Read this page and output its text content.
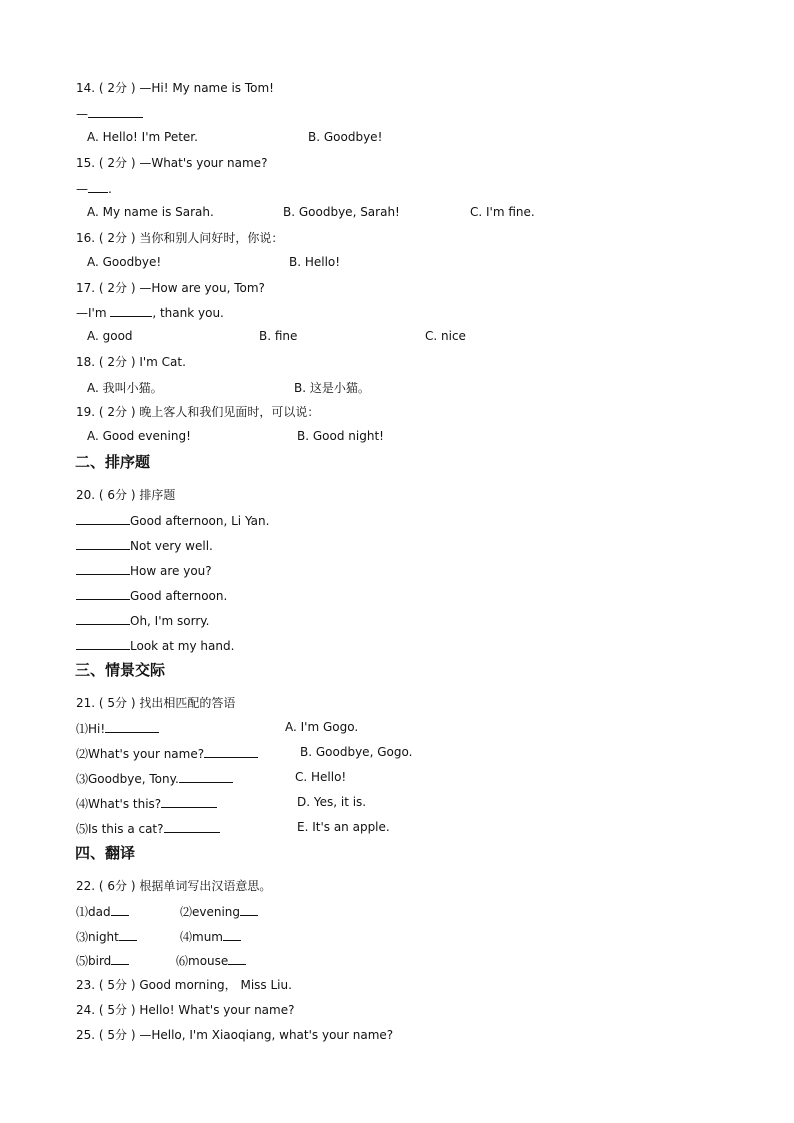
14. ( 2分 ) —Hi! My name is Tom!
—
A. Hello! I'm Peter.	B. Goodbye!
15. ( 2分 ) —What's your name?
— .
A. My name is Sarah.	B. Goodbye, Sarah!	C. I'm fine.
16. ( 2分 ) 当你和别人问好时，你说：
A. Goodbye!	B. Hello!
17. ( 2分 ) —How are you, Tom?
—I'm	, thank you.
A. good	B. fine	C. nice
18. ( 2分 ) I'm Cat.
A. 我叫小猫。	B. 这是小猫。
19. ( 2分 ) 晚上客人和我们见面时，可以说：
A. Good evening!	B. Good night!
二、排序题
20. ( 6分 ) 排序题
Good afternoon, Li Yan.
Not very well.
How are you?
Good afternoon.
Oh, I'm sorry.
Look at my hand.
三、情景交际
21. ( 5分 ) 找出相匹配的答语
⑴Hi!	A. I'm Gogo.
⑵What's your name?	B. Goodbye, Gogo.
⑶Goodbye, Tony.	C. Hello!
⑷What's this?	D. Yes, it is.
⑸Is this a cat?	E. It's an apple.
四、翻译
22. ( 6分 ) 根据单词写出汉语意思。
⑴dad	⑵evening
⑶night	⑷mum
⑸bird	⑹mouse
23. ( 5分 ) Good morning， Miss Liu.
24. ( 5分 ) Hello! What's your name?
25. ( 5分 ) —Hello, I'm Xiaoqiang, what's your name?
